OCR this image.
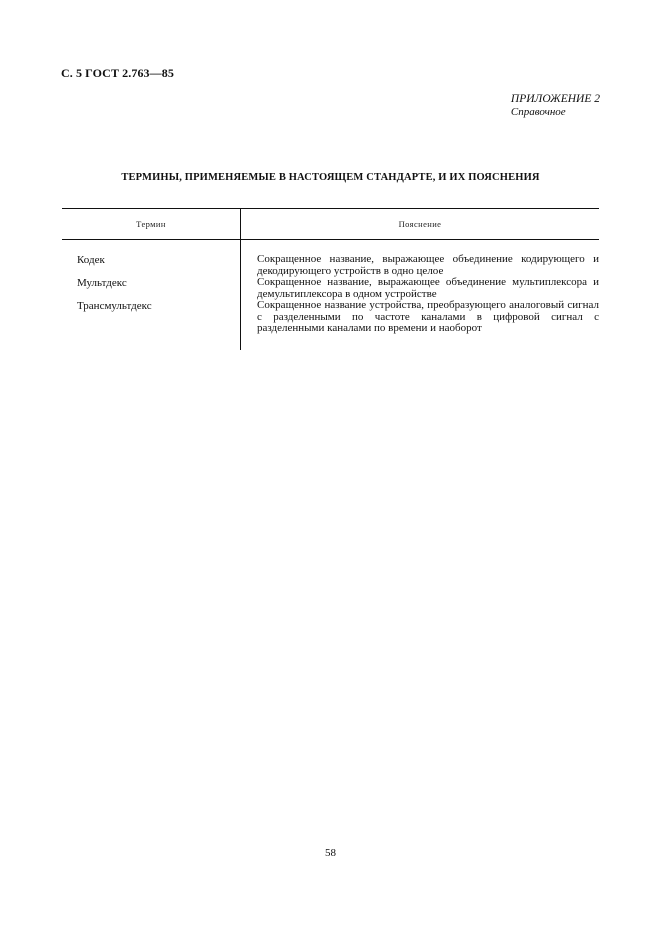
С. 5 ГОСТ 2.763—85
ПРИЛОЖЕНИЕ 2
Справочное
ТЕРМИНЫ, ПРИМЕНЯЕМЫЕ В НАСТОЯЩЕМ СТАНДАРТЕ, И ИХ ПОЯСНЕНИЯ
Термин	Пояснение
Кодек
Мультдекс
Трансмультдекс
Сокращенное название, выражающее объединение кодирующего и декодирующего устройств в одно целое
Сокращенное название, выражающее объединение мультиплексора и демультиплексора в одном устройстве
Сокращенное название устройства, преобразующего аналоговый сигнал с разделенными по частоте каналами в цифровой сигнал с разделенными каналами по времени и наоборот
58
